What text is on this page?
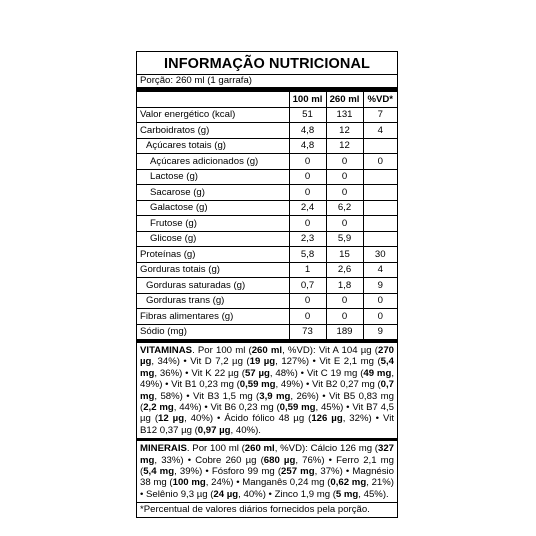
INFORMAÇÃO NUTRICIONAL
Porção: 260 ml (1 garrafa)
	100 ml	260 ml	%VD*
Valor energético (kcal)	51	131	7
Carboidratos (g)	4,8	12	4
Açúcares totais (g)	4,8	12	
Açúcares adicionados (g)	0	0	0
Lactose (g)	0	0	
Sacarose (g)	0	0	
Galactose (g)	2,4	6,2	
Frutose (g)	0	0	
Glicose (g)	2,3	5,9	
Proteínas (g)	5,8	15	30
Gorduras totais (g)	1	2,6	4
Gorduras saturadas (g)	0,7	1,8	9
Gorduras trans (g)	0	0	0
Fibras alimentares (g)	0	0	0
Sódio (mg)	73	189	9
VITAMINAS. Por 100 ml (260 ml, %VD): Vit A 104 µg (270 µg, 34%) • Vit D 7,2 µg (19 µg, 127%) • Vit E 2,1 mg (5,4 mg, 36%) • Vit K 22 µg (57 µg, 48%) • Vit C 19 mg (49 mg, 49%) • Vit B1 0,23 mg (0,59 mg, 49%) • Vit B2 0,27 mg (0,7 mg, 58%) • Vit B3 1,5 mg (3,9 mg, 26%) • Vit B5 0,83 mg (2,2 mg, 44%) • Vit B6 0,23 mg (0,59 mg, 45%) • Vit B7 4,5 µg (12 µg, 40%) • Ácido fólico 48 µg (126 µg, 32%) • Vit B12 0,37 µg (0,97 µg, 40%).
MINERAIS. Por 100 ml (260 ml, %VD): Cálcio 126 mg (327 mg, 33%) • Cobre 260 µg (680 µg, 76%) • Ferro 2,1 mg (5,4 mg, 39%) • Fósforo 99 mg (257 mg, 37%) • Magnésio 38 mg (100 mg, 24%) • Manganês 0,24 mg (0,62 mg, 21%) • Selênio 9,3 µg (24 µg, 40%) • Zinco 1,9 mg (5 mg, 45%).
*Percentual de valores diários fornecidos pela porção.
